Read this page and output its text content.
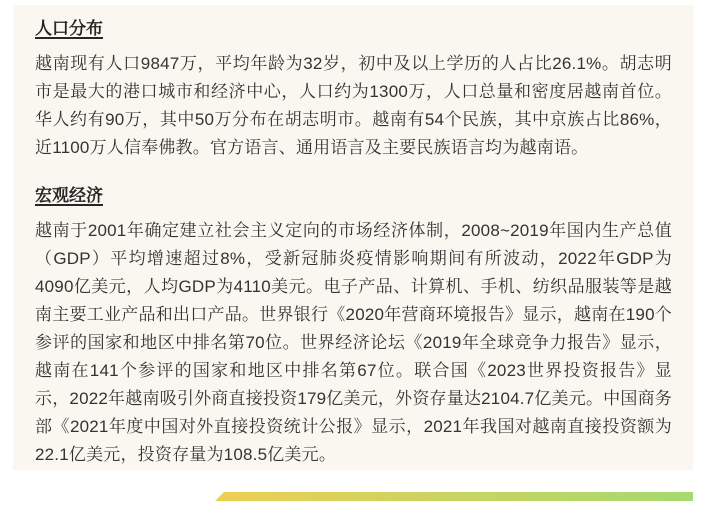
人口分布

越南现有人口9847万，平均年龄为32岁，初中及以上学历的人占比26.1%。胡志明市是最大的港口城市和经济中心，人口约为1300万，人口总量和密度居越南首位。华人约有90万，其中50万分布在胡志明市。越南有54个民族，其中京族占比86%，近1100万人信奉佛教。官方语言、通用语言及主要民族语言均为越南语。

宏观经济

越南于2001年确定建立社会主义定向的市场经济体制，2008~2019年国内生产总值（GDP）平均增速超过8%，受新冠肺炎疫情影响期间有所波动，2022年GDP为4090亿美元，人均GDP为4110美元。电子产品、计算机、手机、纺织品服装等是越南主要工业产品和出口产品。世界银行《2020年营商环境报告》显示，越南在190个参评的国家和地区中排名第70位。世界经济论坛《2019年全球竞争力报告》显示，越南在141个参评的国家和地区中排名第67位。联合国《2023世界投资报告》显示，2022年越南吸引外商直接投资179亿美元，外资存量达2104.7亿美元。中国商务部《2021年度中国对外直接投资统计公报》显示，2021年我国对越南直接投资额为22.1亿美元，投资存量为108.5亿美元。
